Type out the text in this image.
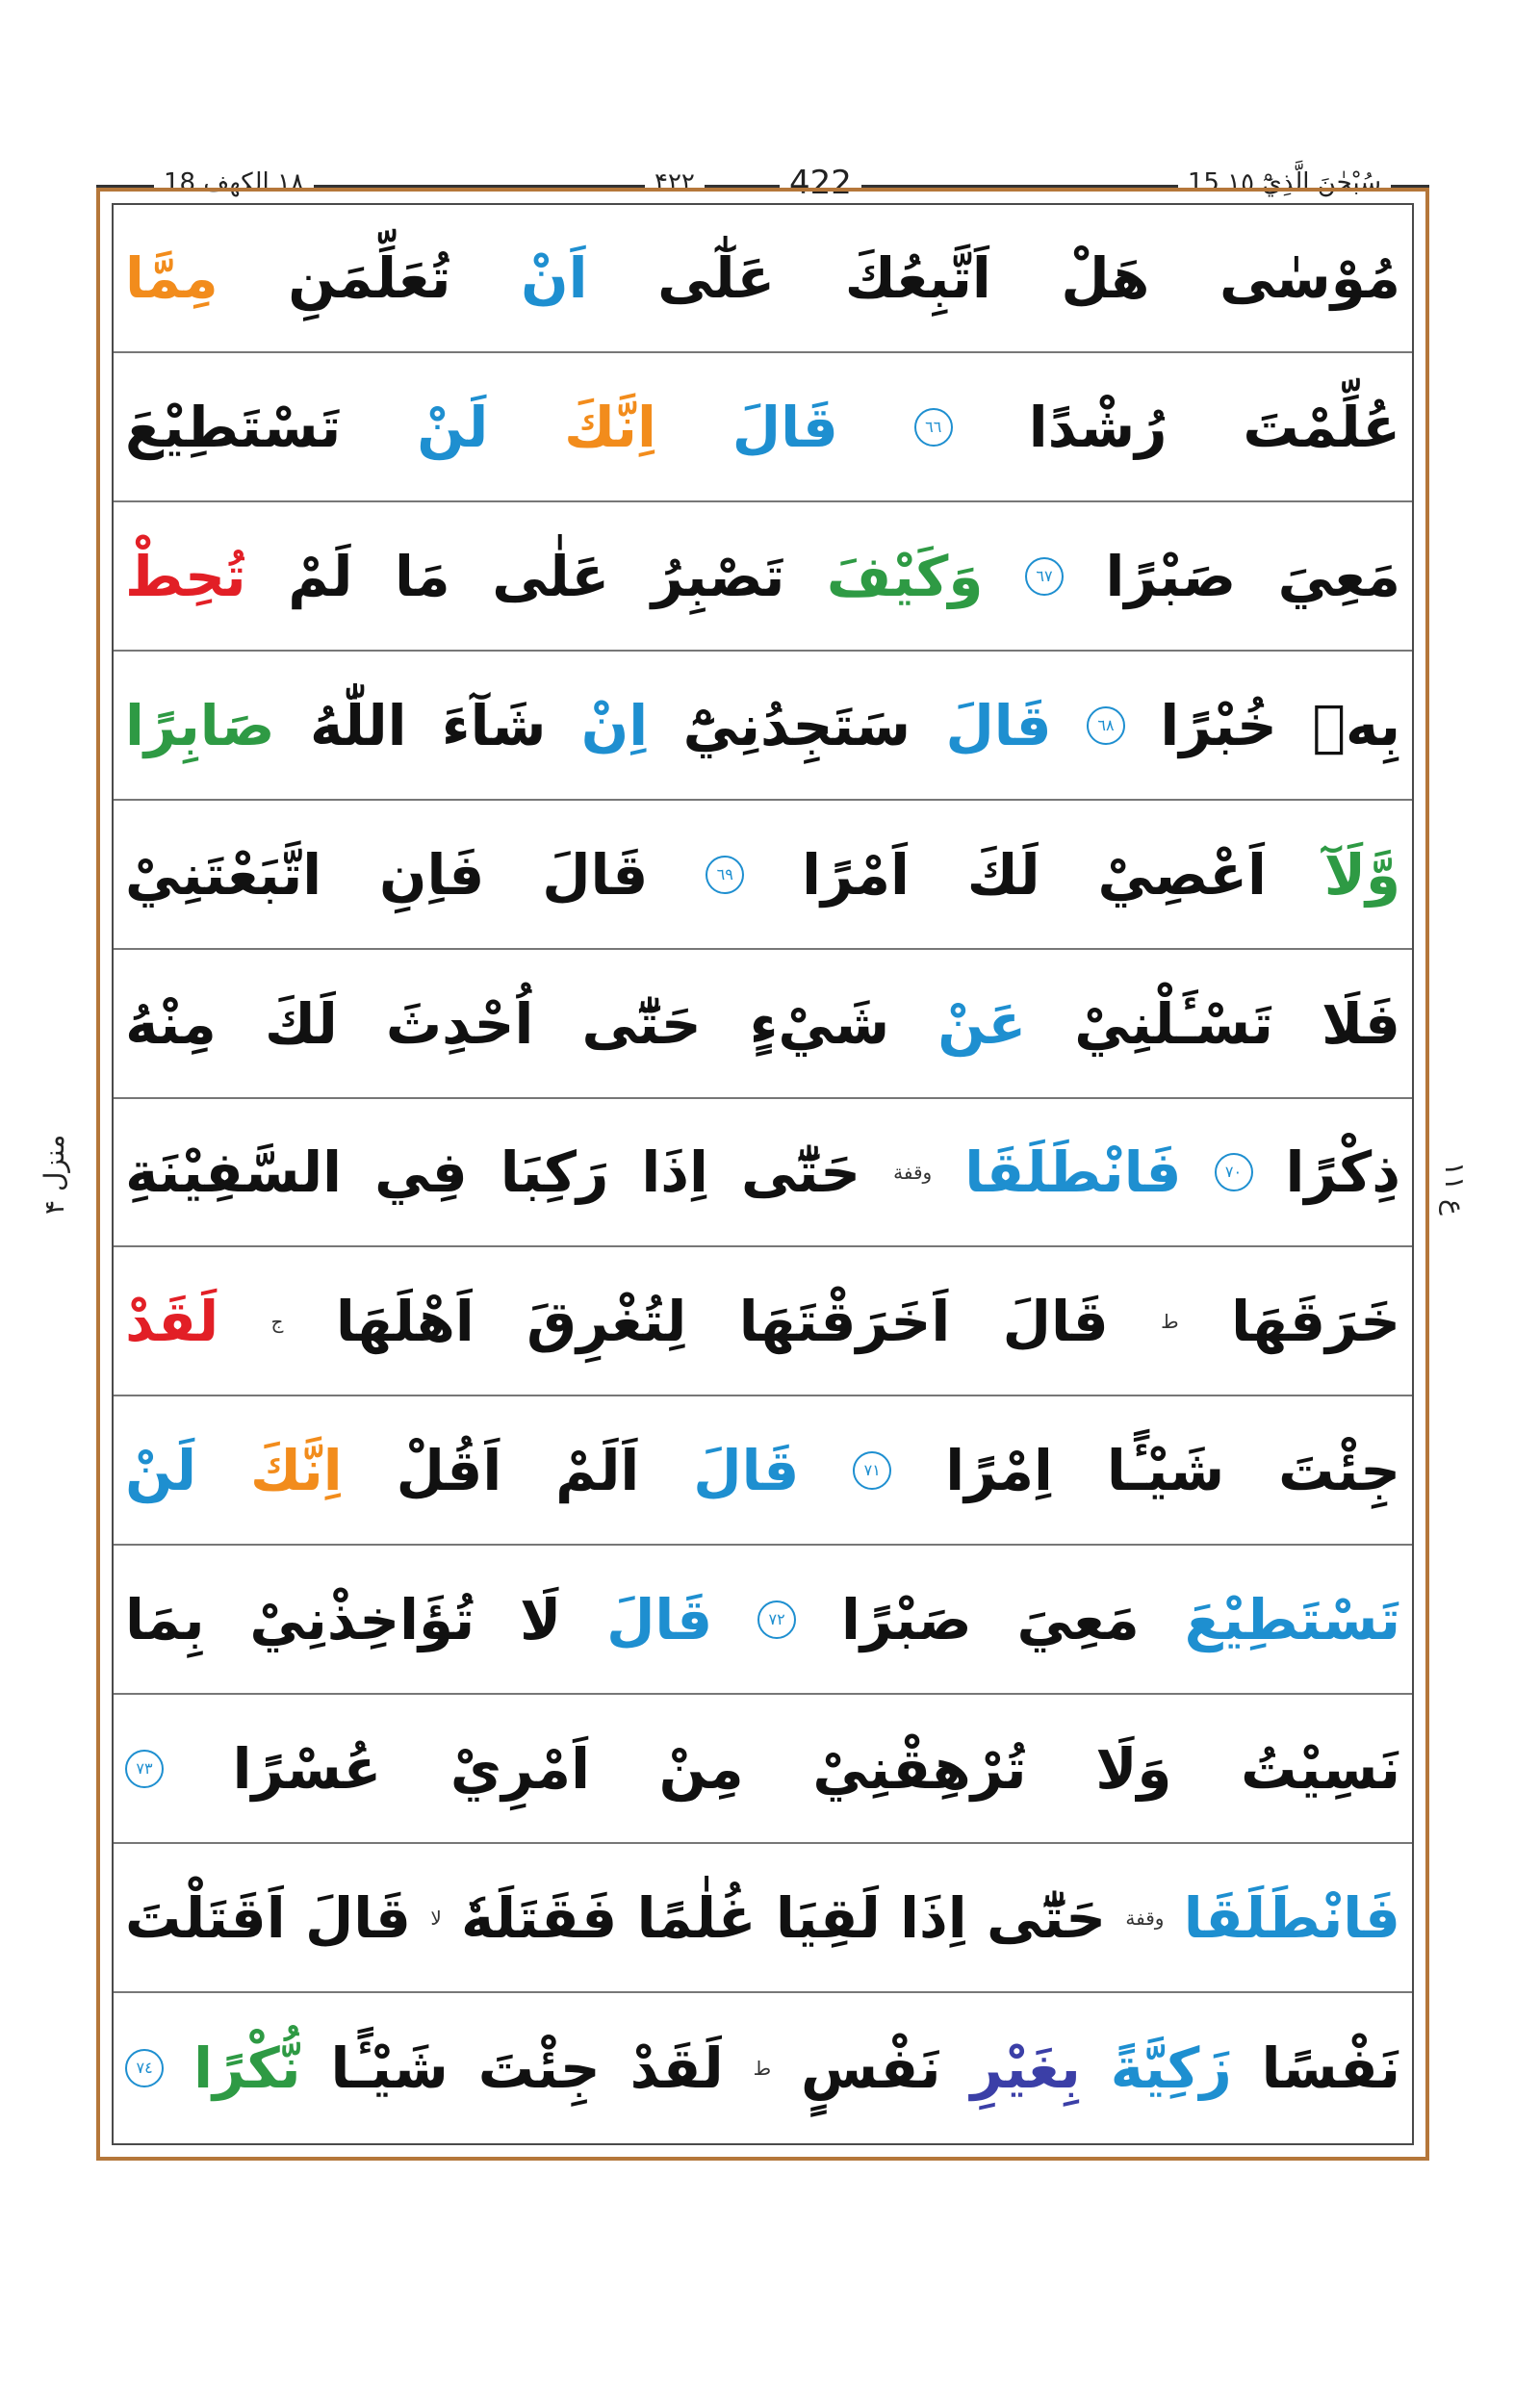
١٨ الكهف 18	۴۲۲	422	15 سُبْحٰنَ الَّذِيْٓ ١٥
مُوْسٰى
هَلْ
اَتَّبِعُكَ
عَلٰٓى
اَنْ
تُعَلِّمَنِ
مِمَّا
عُلِّمْتَ
رُشْدًا
٦٦
قَالَ
اِنَّكَ
لَنْ
تَسْتَطِيْعَ
مَعِيَ
صَبْرًا
٦٧
وَكَيْفَ
تَصْبِرُ
عَلٰى
مَا
لَمْ
تُحِطْ
بِهٖ
خُبْرًا
٦٨
قَالَ
سَتَجِدُنِيْٓ
اِنْ
شَآءَ
اللّٰهُ
صَابِرًا
وَّلَآ
اَعْصِيْ
لَكَ
اَمْرًا
٦٩
قَالَ
فَاِنِ
اتَّبَعْتَنِيْ
فَلَا
تَسْـَٔلْنِيْ
عَنْ
شَيْءٍ
حَتّٰٓى
اُحْدِثَ
لَكَ
مِنْهُ
ذِكْرًا
٧٠
فَانْطَلَقَا
وقفة
حَتّٰٓى
اِذَا
رَكِبَا
فِي
السَّفِيْنَةِ
خَرَقَهَا
ط
قَالَ
اَخَرَقْتَهَا
لِتُغْرِقَ
اَهْلَهَا
ج
لَقَدْ
جِئْتَ
شَيْـًٔا
اِمْرًا
٧١
قَالَ
اَلَمْ
اَقُلْ
اِنَّكَ
لَنْ
تَسْتَطِيْعَ
مَعِيَ
صَبْرًا
٧٢
قَالَ
لَا
تُؤَاخِذْنِيْ
بِمَا
نَسِيْتُ
وَلَا
تُرْهِقْنِيْ
مِنْ
اَمْرِيْ
عُسْرًا
٧٣
فَانْطَلَقَا
وقفة
حَتّٰٓى
اِذَا
لَقِيَا
غُلٰمًا
فَقَتَلَهٗ
لا
قَالَ
اَقَتَلْتَ
نَفْسًا
زَكِيَّةً
بِغَيْرِ
نَفْسٍ
ط
لَقَدْ
جِئْتَ
شَيْـًٔا
نُّكْرًا
٧٤
منزل ۴	ع ١١
